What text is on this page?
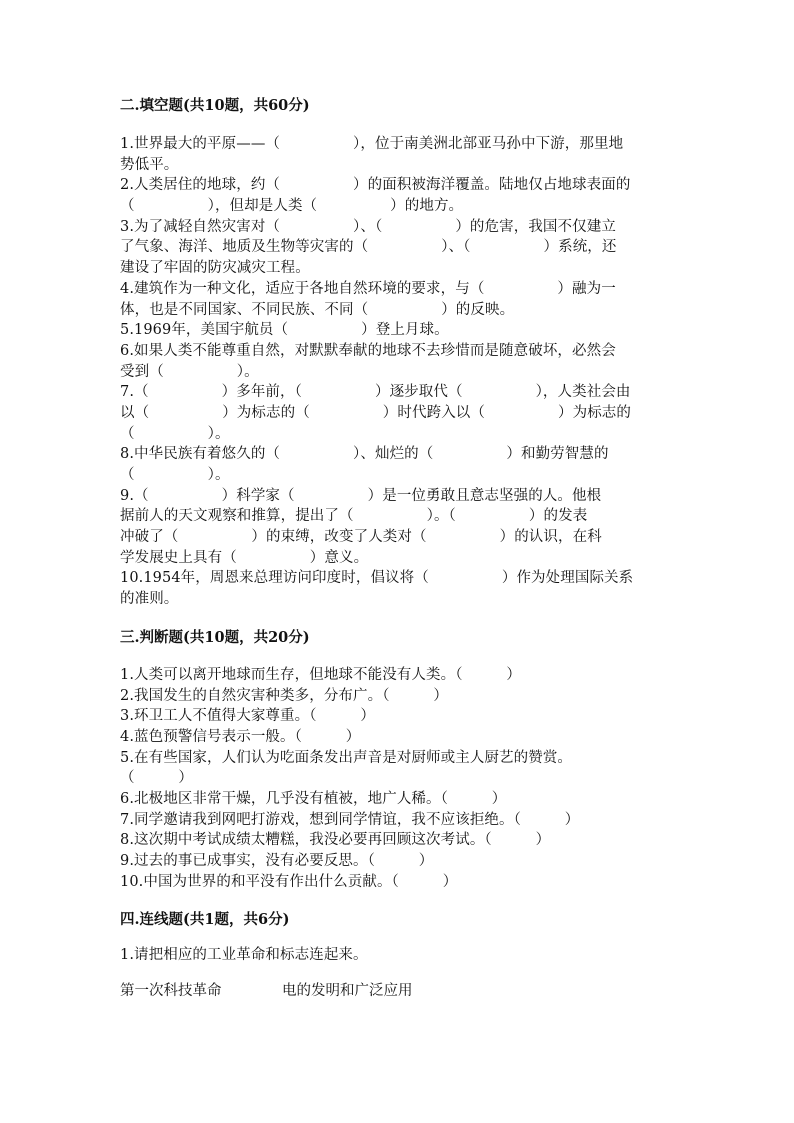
二.填空题(共10题，共60分)
1.世界最大的平原——（　　　　　），位于南美洲北部亚马孙中下游，那里地
势低平。
2.人类居住的地球，约（　　　　　）的面积被海洋覆盖。陆地仅占地球表面的
（　　　　　），但却是人类（　　　　　）的地方。
3.为了减轻自然灾害对（　　　　　）、（　　　　　）的危害，我国不仅建立
了气象、海洋、地质及生物等灾害的（　　　　　）、（　　　　　）系统，还
建设了牢固的防灾减灾工程。
4.建筑作为一种文化，适应于各地自然环境的要求，与（　　　　　）融为一
体，也是不同国家、不同民族、不同（　　　　　）的反映。
5.1969年，美国宇航员（　　　　　）登上月球。
6.如果人类不能尊重自然，对默默奉献的地球不去珍惜而是随意破坏，必然会
受到（　　　　　）。
7.（　　　　　）多年前，（　　　　　）逐步取代（　　　　　），人类社会由
以（　　　　　）为标志的（　　　　　）时代跨入以（　　　　　）为标志的
（　　　　　）。
8.中华民族有着悠久的（　　　　　）、灿烂的（　　　　　）和勤劳智慧的
（　　　　　）。
9.（　　　　　）科学家（　　　　　）是一位勇敢且意志坚强的人。他根
据前人的天文观察和推算，提出了（　　　　　）。（　　　　　）的发表
冲破了（　　　　　）的束缚，改变了人类对（　　　　　）的认识，在科
学发展史上具有（　　　　　）意义。
10.1954年，周恩来总理访问印度时，倡议将（　　　　　）作为处理国际关系
的准则。
三.判断题(共10题，共20分)
1.人类可以离开地球而生存，但地球不能没有人类。（　　　）
2.我国发生的自然灾害种类多，分布广。（　　　）
3.环卫工人不值得大家尊重。（　　　）
4.蓝色预警信号表示一般。（　　　）
5.在有些国家，人们认为吃面条发出声音是对厨师或主人厨艺的赞赏。
（　　　）
6.北极地区非常干燥，几乎没有植被，地广人稀。（　　　）
7.同学邀请我到网吧打游戏，想到同学情谊，我不应该拒绝。（　　　）
8.这次期中考试成绩太糟糕，我没必要再回顾这次考试。（　　　）
9.过去的事已成事实，没有必要反思。（　　　）
10.中国为世界的和平没有作出什么贡献。（　　　）
四.连线题(共1题，共6分)
1.请把相应的工业革命和标志连起来。
第一次科技革命	电的发明和广泛应用
